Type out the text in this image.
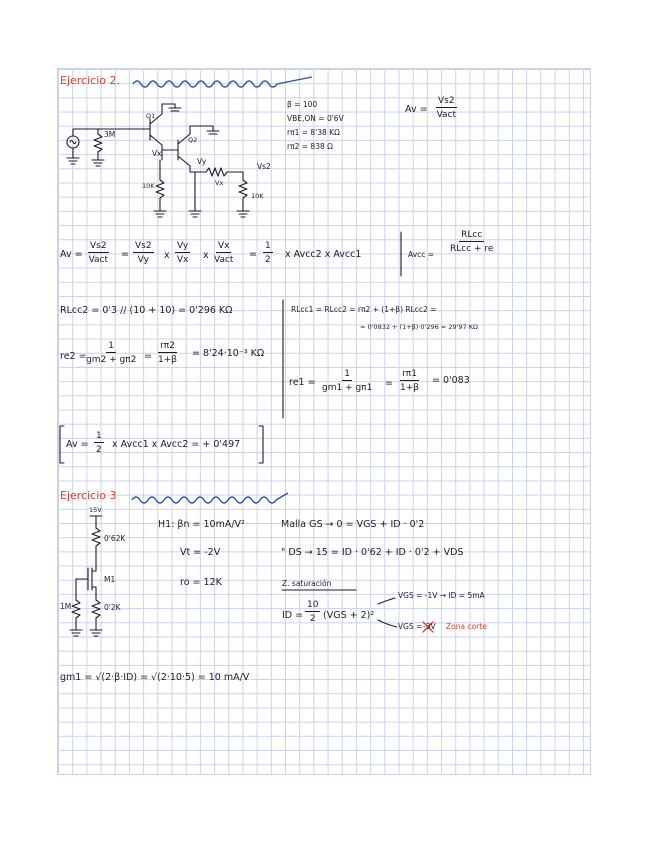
Ejercicio 2.
Q1
Q2
3M
Vx
Vy
Vx
Vs2
10K
10K
β = 100
VBE,ON = 0'6V
rπ1 = 8'38 KΩ
rπ2 = 838 Ω
Av =
Vs2
Vact
Av =
Vs2
Vact = $\frac{Vs2}{Vy}$ x $\frac{Vy}{Vx}$ x
Vx
Vact = $\frac{1}{2}$ x Avcc2 x Avcc1	Avcc =
RLcc
RLcc + re
RLcc2 = 0'3 // (10 + 10) = 0'296 KΩ
$re2 = \frac{1}{gm2 + g\pi 2} = \frac{r\pi 2}{1+\beta} = 8'24\cdot 10^{-3}$ KΩ
RLcc1 = RLcc2 = rπ2 + (1+β) RLcc2 =
= 0'0832 + (1+β)·0'296 = 29'97 KΩ
$re1 = \frac{1}{gm1 + g\pi 1} = \frac{r\pi 1}{1+\beta} = 0'083$
$Av = \frac{1}{2}$ x Avcc1 x Avcc2 = + 0'497
Ejercicio 3
15V
0'62K
M1
1M	0'2K
H1: βn = 10mA/V²
Vt = -2V
ro = 12K
Malla GS → 0 = VGS + ID · 0'2
" DS → 15 = ID · 0'62 + ID · 0'2 + VDS
Z. saturación
ID = $\frac{10}{2} (VGS + 2)^2$
VGS = -1V → ID = 5mA
VGS = -3V Zona corte
gm1 = √(2·β·ID) = √(2·10·5) = 10 mA/V
